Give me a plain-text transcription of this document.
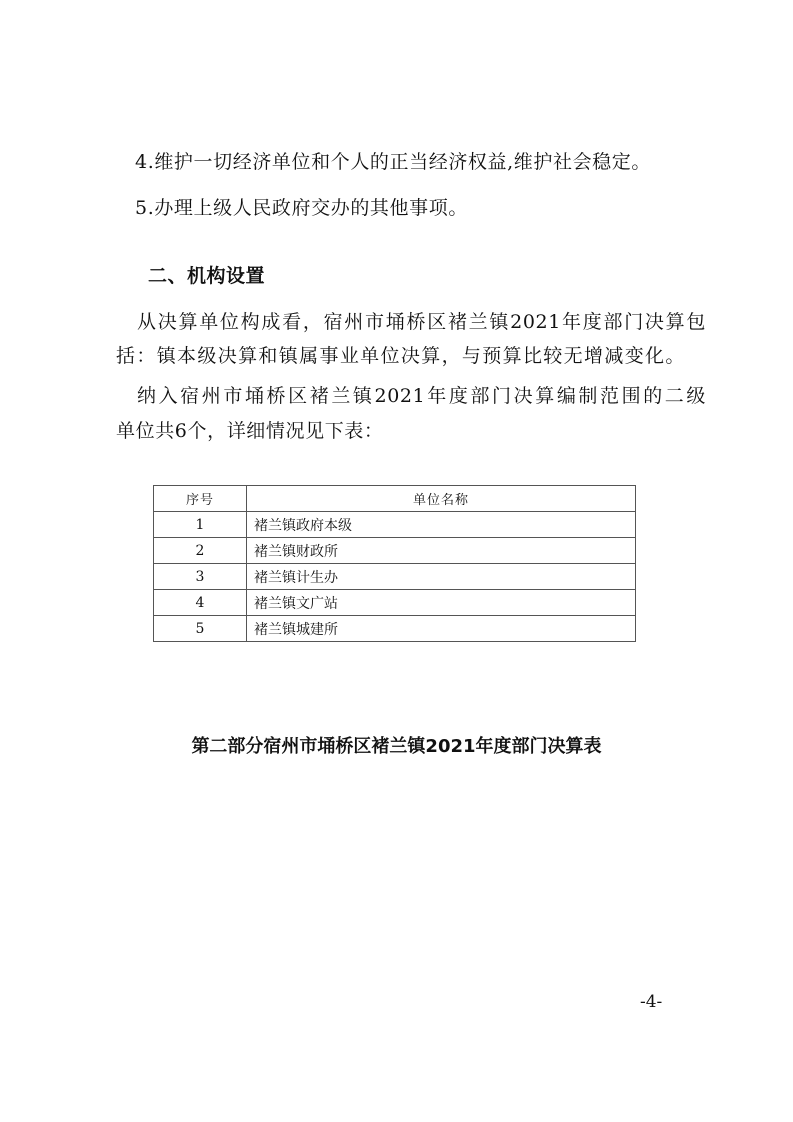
4.维护一切经济单位和个人的正当经济权益,维护社会稳定。
5.办理上级人民政府交办的其他事项。
二、机构设置
从决算单位构成看，宿州市埇桥区褚兰镇2021年度部门决算包
括：镇本级决算和镇属事业单位决算，与预算比较无增减变化。
纳入宿州市埇桥区褚兰镇2021年度部门决算编制范围的二级
单位共6个，详细情况见下表：
序号	单位名称
1	褚兰镇政府本级
2	褚兰镇财政所
3	褚兰镇计生办
4	褚兰镇文广站
5	褚兰镇城建所
第二部分宿州市埇桥区褚兰镇2021年度部门决算表
-4-
